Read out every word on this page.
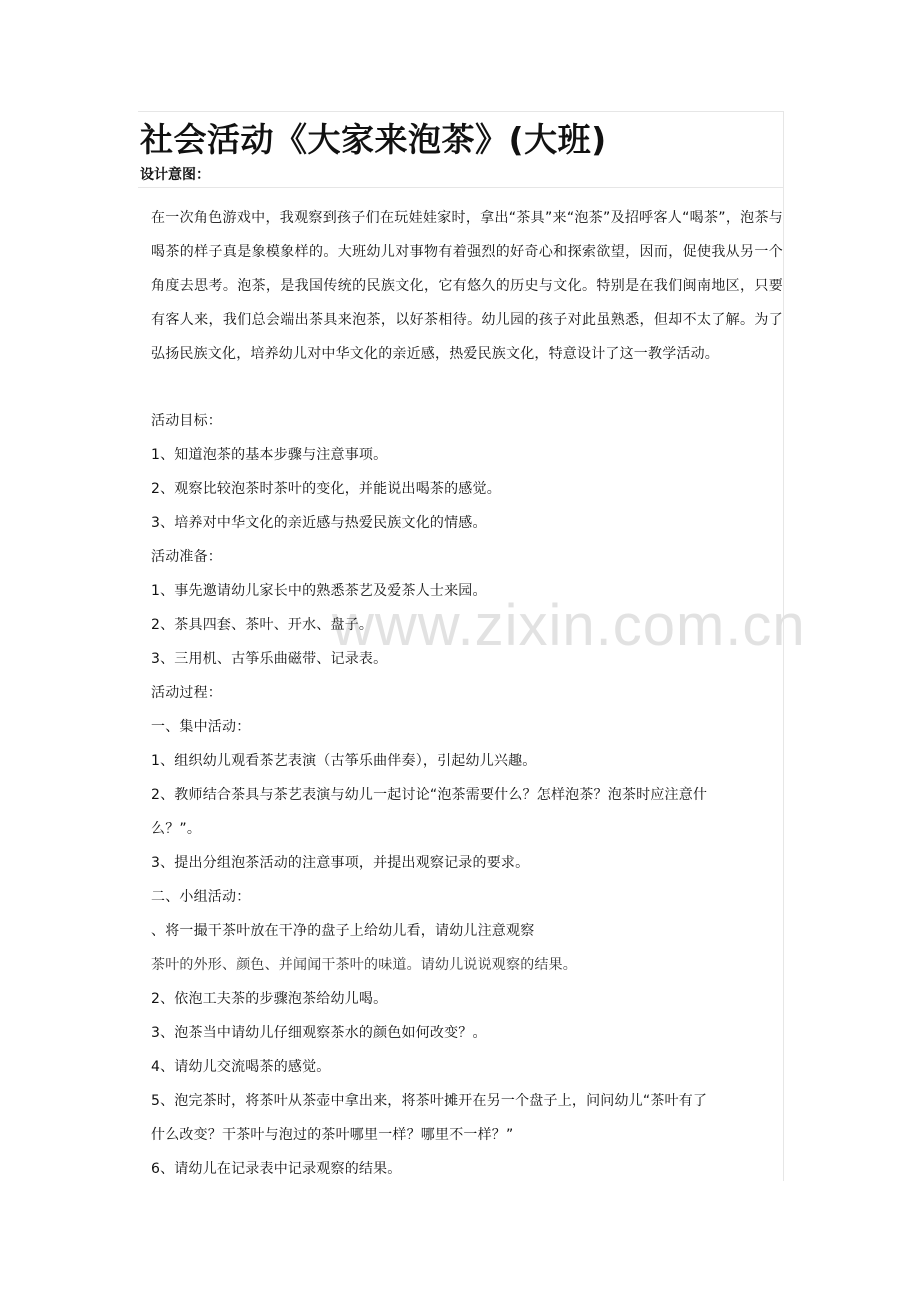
www.zixin.com.cn
社会活动《大家来泡茶》(大班)
设计意图：

在一次角色游戏中，我观察到孩子们在玩娃娃家时，拿出“茶具”来“泡茶”及招呼客人“喝茶”，泡茶与喝茶的样子真是象模象样的。大班幼儿对事物有着强烈的好奇心和探索欲望，因而，促使我从另一个角度去思考。泡茶，是我国传统的民族文化，它有悠久的历史与文化。特别是在我们闽南地区，只要有客人来，我们总会端出茶具来泡茶，以好茶相待。幼儿园的孩子对此虽熟悉，但却不太了解。为了弘扬民族文化，培养幼儿对中华文化的亲近感，热爱民族文化，特意设计了这一教学活动。

活动目标：
1、知道泡茶的基本步骤与注意事项。
2、观察比较泡茶时茶叶的变化，并能说出喝茶的感觉。
3、培养对中华文化的亲近感与热爱民族文化的情感。
活动准备：
1、事先邀请幼儿家长中的熟悉茶艺及爱茶人士来园。
2、茶具四套、茶叶、开水、盘子。
3、三用机、古筝乐曲磁带、记录表。
活动过程：
一、集中活动：
1、组织幼儿观看茶艺表演（古筝乐曲伴奏），引起幼儿兴趣。
2、教师结合茶具与茶艺表演与幼儿一起讨论“泡茶需要什么？怎样泡茶？泡茶时应注意什
么？”。
3、提出分组泡茶活动的注意事项，并提出观察记录的要求。
二、小组活动：
、将一撮干茶叶放在干净的盘子上给幼儿看，请幼儿注意观察
茶叶的外形、颜色、并闻闻干茶叶的味道。请幼儿说说观察的结果。
2、依泡工夫茶的步骤泡茶给幼儿喝。
3、泡茶当中请幼儿仔细观察茶水的颜色如何改变？。
4、请幼儿交流喝茶的感觉。
5、泡完茶时，将茶叶从茶壶中拿出来，将茶叶摊开在另一个盘子上，问问幼儿“茶叶有了
什么改变？干茶叶与泡过的茶叶哪里一样？哪里不一样？”
6、请幼儿在记录表中记录观察的结果。
